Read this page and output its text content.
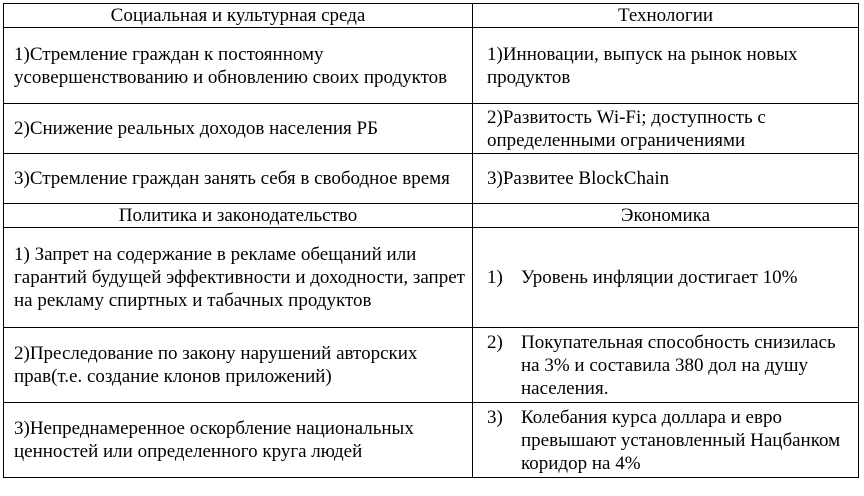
Социальная и культурная среда	Технологии
1)Стремление граждан к постоянному усовершенствованию и обновлению своих продуктов	1)Инновации, выпуск на рынок новых продуктов
2)Снижение реальных доходов населения РБ	2)Развитость Wi-Fi; доступность с определенными ограничениями
3)Стремление граждан занять себя в свободное время	3)Развитее BlockChain
Политика и законодательство	Экономика
1) Запрет на содержание в рекламе обещаний или гарантий будущей эффективности и доходности, запрет на рекламу спиртных и табачных продуктов	1) Уровень инфляции достигает 10%

2)Преследование по закону нарушений авторских прав(т.е. создание клонов приложений)	2) Покупательная способность снизилась на 3% и составила 380 дол на душу населения.

3)Непреднамеренное оскорбление национальных ценностей или определенного круга людей	3) Колебания курса доллара и евро превышают установленный Нацбанком коридор на 4%
